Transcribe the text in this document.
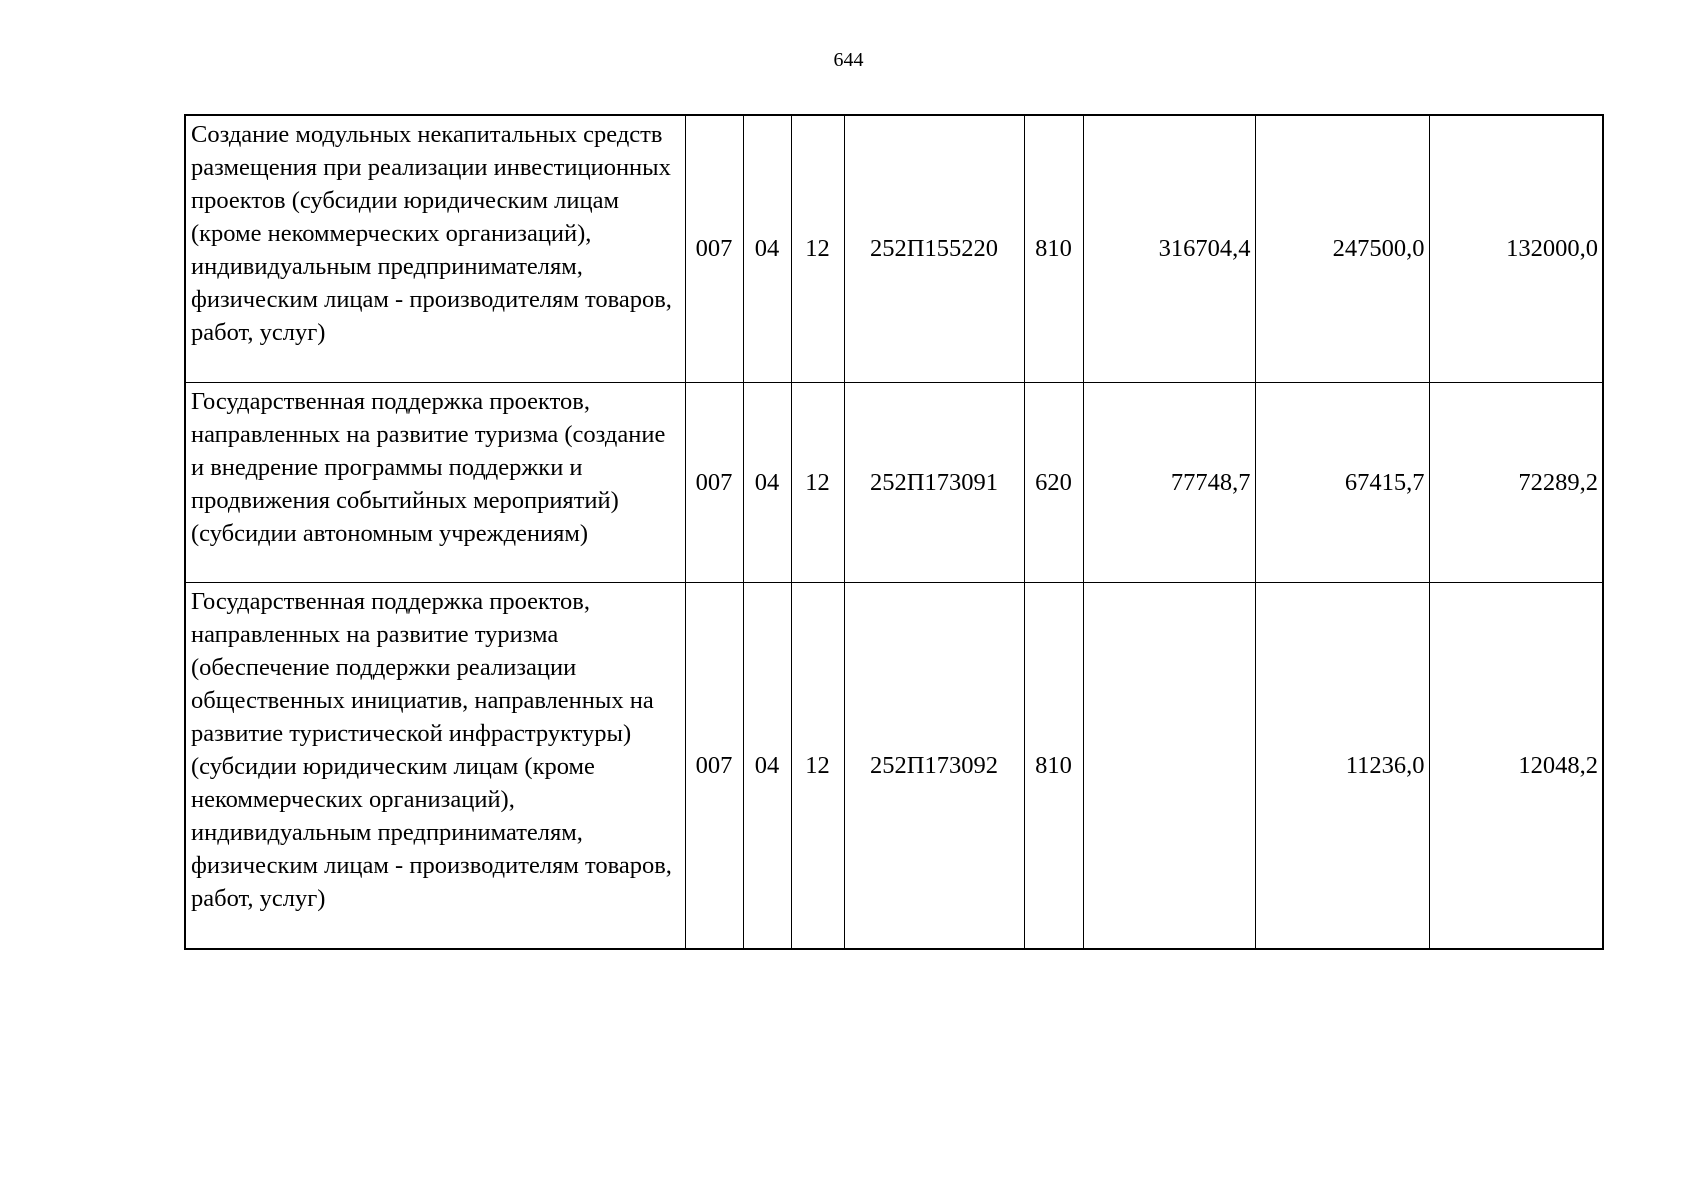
644
Создание модульных некапитальных средств размещения при реализации инвестиционных проектов (субсидии юридическим лицам (кроме некоммерческих организаций), индивидуальным предпринимателям, физическим лицам - производителям товаров, работ, услуг)	007	04	12	252П155220	810	316704,4	247500,0	132000,0
Государственная поддержка проектов, направленных на развитие туризма (создание и внедрение программы поддержки и продвижения событийных мероприятий) (субсидии автономным учреждениям)	007	04	12	252П173091	620	77748,7	67415,7	72289,2
Государственная поддержка проектов, направленных на развитие туризма (обеспечение поддержки реализации общественных инициатив, направленных на развитие туристической инфраструктуры) (субсидии юридическим лицам (кроме некоммерческих организаций), индивидуальным предпринимателям, физическим лицам - производителям товаров, работ, услуг)	007	04	12	252П173092	810		11236,0	12048,2
